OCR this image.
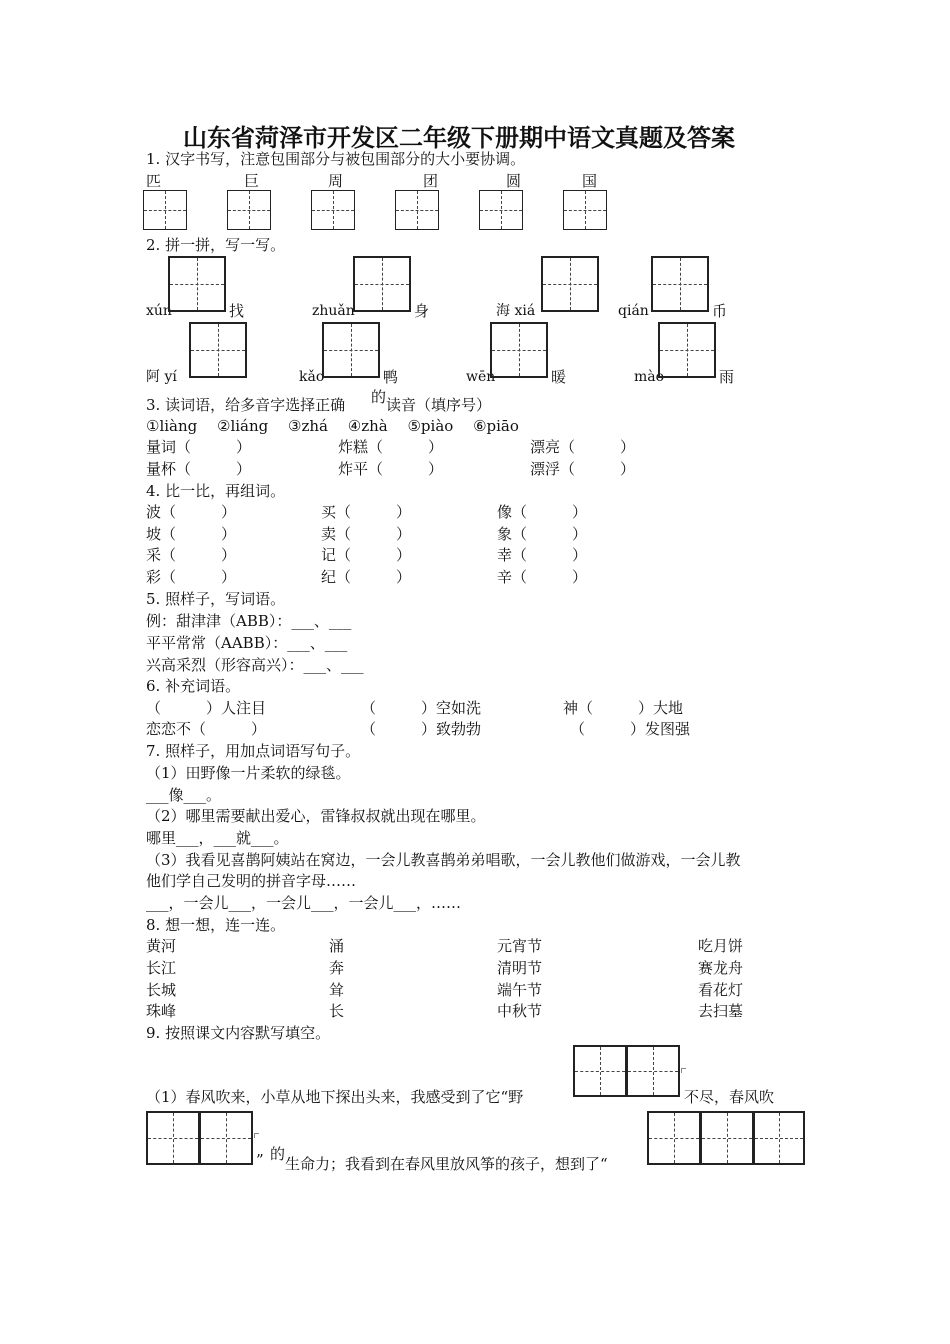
山东省菏泽市开发区二年级下册期中语文真题及答案
1. 汉字书写，注意包围部分与被包围部分的大小要协调。
匹	巨	周	团	圆	国
2. 拼一拼，写一写。
xún	找	zhuǎn	身	海 xiá	qián	币
阿 yí	kǎo	鸭	wēn	暖	mào	雨
3. 读词语，给多音字选择正确 的 读音（填序号）
①liàng　 ②liáng　 ③zhá　 ④zhà　 ⑤piào　 ⑥piāo
量词（　　　）	炸糕（　　　）	漂亮（　　　）
量杯（　　　）	炸平（　　　）	漂浮（　　　）
4. 比一比，再组词。
波（　　　）	买（　　　）	像（　　　）
坡（　　　）	卖（　　　）	象（　　　）
采（　　　）	记（　　　）	幸（　　　）
彩（　　　）	纪（　　　）	辛（　　　）
5. 照样子，写词语。
例：甜津津（ABB）：___、___
平平常常（AABB）：___、___
兴高采烈（形容高兴）：___、___
6. 补充词语。
（　　　）人注目	（　　　）空如洗	神（　　　）大地
恋恋不（　　　）	（　　　）致勃勃	（　　　）发图强
7. 照样子，用加点词语写句子。
（1）田野像一片柔软的绿毯。
___像___。
（2）哪里需要献出爱心，雷锋叔叔就出现在哪里。
哪里___，___就___。
（3）我看见喜鹊阿姨站在窝边，一会儿教喜鹊弟弟唱歌，一会儿教他们做游戏，一会儿教
他们学自己发明的拼音字母……
___，一会儿___，一会儿___，一会儿___，……
8. 想一想，连一连。
黄河	涌	元宵节	吃月饼
长江	奔	清明节	赛龙舟
长城	耸	端午节	看花灯
珠峰	长	中秋节	去扫墓
9. 按照课文内容默写填空。
（1）春风吹来，小草从地下探出头来，我感受到了它“野	不尽，春风吹
” 的
生命力；我看到在春风里放风筝的孩子，想到了“
